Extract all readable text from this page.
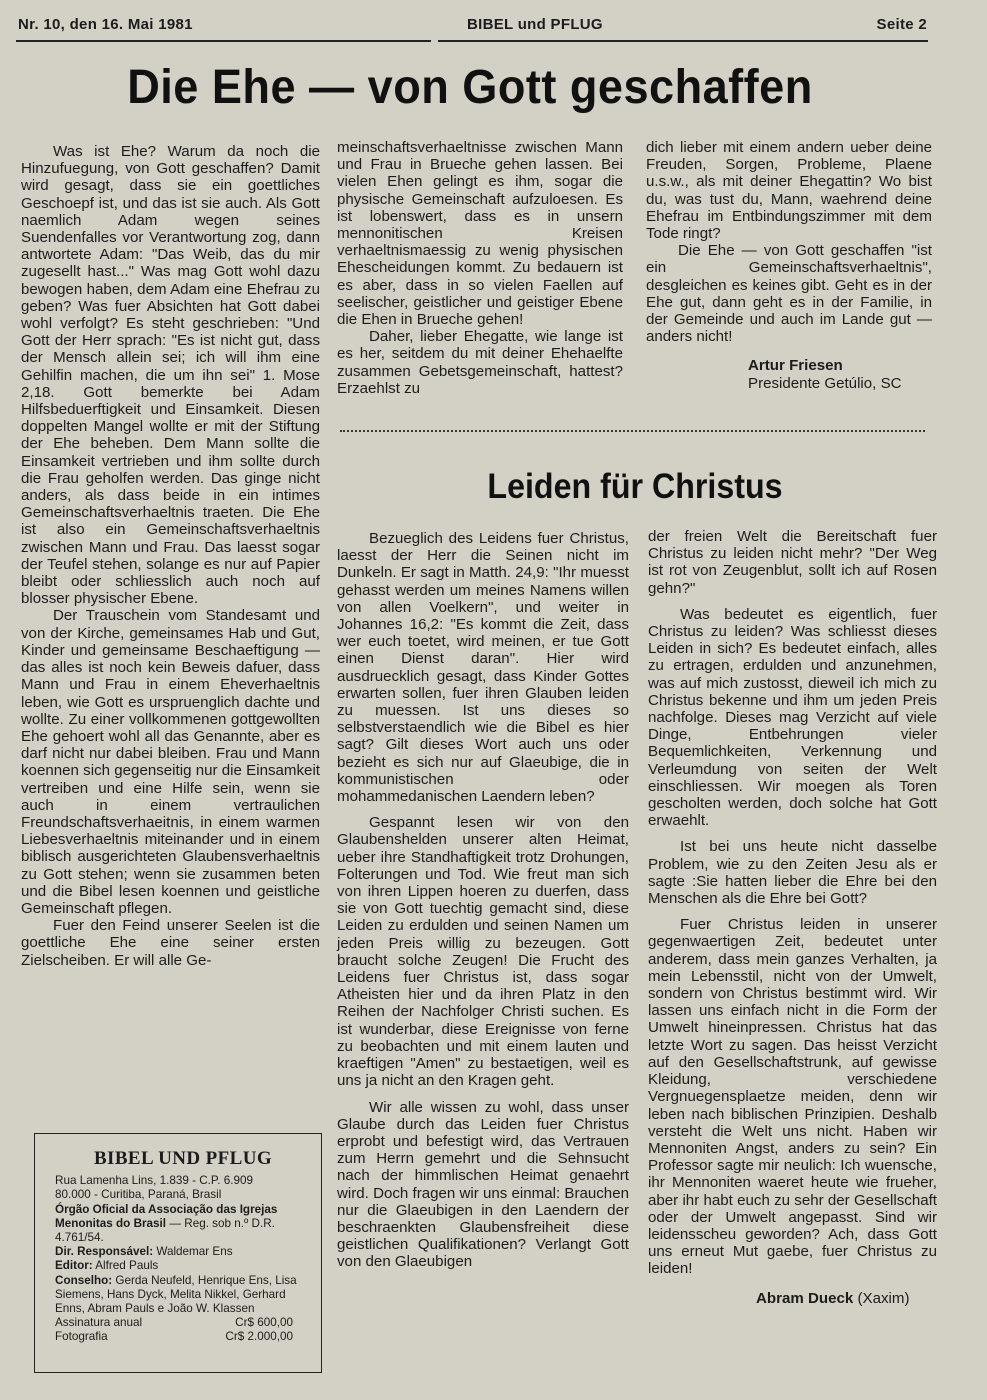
Nr. 10, den 16. Mai 1981	BIBEL und PFLUG	Seite 2
Die Ehe — von Gott geschaffen

Was ist Ehe? Warum da noch die Hinzufuegung, von Gott geschaffen? Damit wird gesagt, dass sie ein goettliches Geschoepf ist, und das ist sie auch. Als Gott naemlich Adam wegen seines Suendenfalles vor Verantwortung zog, dann antwortete Adam: "Das Weib, das du mir zugesellt hast..." Was mag Gott wohl dazu bewogen haben, dem Adam eine Ehefrau zu geben? Was fuer Absichten hat Gott dabei wohl verfolgt? Es steht geschrieben: "Und Gott der Herr sprach: "Es ist nicht gut, dass der Mensch allein sei; ich will ihm eine Gehilfin machen, die um ihn sei" 1. Mose 2,18. Gott bemerkte bei Adam Hilfsbeduerftigkeit und Einsamkeit. Diesen doppelten Mangel wollte er mit der Stiftung der Ehe beheben. Dem Mann sollte die Einsamkeit vertrieben und ihm sollte durch die Frau geholfen werden. Das ginge nicht anders, als dass beide in ein intimes Gemeinschaftsverhaeltnis traeten. Die Ehe ist also ein Gemeinschaftsverhaeltnis zwischen Mann und Frau. Das laesst sogar der Teufel stehen, solange es nur auf Papier bleibt oder schliesslich auch noch auf blosser physischer Ebene.

Der Trauschein vom Standesamt und von der Kirche, gemeinsames Hab und Gut, Kinder und gemeinsame Beschaeftigung — das alles ist noch kein Beweis dafuer, dass Mann und Frau in einem Eheverhaeltnis leben, wie Gott es urspruenglich dachte und wollte. Zu einer vollkommenen gottgewollten Ehe gehoert wohl all das Genannte, aber es darf nicht nur dabei bleiben. Frau und Mann koennen sich gegenseitig nur die Einsamkeit vertreiben und eine Hilfe sein, wenn sie auch in einem vertraulichen Freundschaftsverhaeitnis, in einem warmen Liebesverhaeltnis miteinander und in einem biblisch ausgerichteten Glaubensverhaeltnis zu Gott stehen; wenn sie zusammen beten und die Bibel lesen koennen und geistliche Gemeinschaft pflegen.

Fuer den Feind unserer Seelen ist die goettliche Ehe eine seiner ersten Zielscheiben. Er will alle Ge-

meinschaftsverhaeltnisse zwischen Mann und Frau in Brueche gehen lassen. Bei vielen Ehen gelingt es ihm, sogar die physische Gemeinschaft aufzuloesen. Es ist lobenswert, dass es in unsern mennonitischen Kreisen verhaeltnismaessig zu wenig physischen Ehescheidungen kommt. Zu bedauern ist es aber, dass in so vielen Faellen auf seelischer, geistlicher und geistiger Ebene die Ehen in Brueche gehen!

Daher, lieber Ehegatte, wie lange ist es her, seitdem du mit deiner Ehehaelfte zusammen Gebetsgemeinschaft, hattest? Erzaehlst zu

dich lieber mit einem andern ueber deine Freuden, Sorgen, Probleme, Plaene u.s.w., als mit deiner Ehegattin? Wo bist du, was tust du, Mann, waehrend deine Ehefrau im Entbindungszimmer mit dem Tode ringt?

Die Ehe — von Gott geschaffen "ist ein Gemeinschaftsverhaeltnis", desgleichen es keines gibt. Geht es in der Ehe gut, dann geht es in der Familie, in der Gemeinde und auch im Lande gut — anders nicht!

Artur Friesen
Presidente Getúlio, SC
Leiden für Christus

Bezueglich des Leidens fuer Christus, laesst der Herr die Seinen nicht im Dunkeln. Er sagt in Matth. 24,9: "Ihr muesst gehasst werden um meines Namens willen von allen Voelkern", und weiter in Johannes 16,2: "Es kommt die Zeit, dass wer euch toetet, wird meinen, er tue Gott einen Dienst daran". Hier wird ausdruecklich gesagt, dass Kinder Gottes erwarten sollen, fuer ihren Glauben leiden zu muessen. Ist uns dieses so selbstverstaendlich wie die Bibel es hier sagt? Gilt dieses Wort auch uns oder bezieht es sich nur auf Glaeubige, die in kommunistischen oder mohammedanischen Laendern leben?

Gespannt lesen wir von den Glaubenshelden unserer alten Heimat, ueber ihre Standhaftigkeit trotz Drohungen, Folterungen und Tod. Wie freut man sich von ihren Lippen hoeren zu duerfen, dass sie von Gott tuechtig gemacht sind, diese Leiden zu erdulden und seinen Namen um jeden Preis willig zu bezeugen. Gott braucht solche Zeugen! Die Frucht des Leidens fuer Christus ist, dass sogar Atheisten hier und da ihren Platz in den Reihen der Nachfolger Christi suchen. Es ist wunderbar, diese Ereignisse von ferne zu beobachten und mit einem lauten und kraeftigen "Amen" zu bestaetigen, weil es uns ja nicht an den Kragen geht.

Wir alle wissen zu wohl, dass unser Glaube durch das Leiden fuer Christus erprobt und befestigt wird, das Vertrauen zum Herrn gemehrt und die Sehnsucht nach der himmlischen Heimat genaehrt wird. Doch fragen wir uns einmal: Brauchen nur die Glaeubigen in den Laendern der beschraenkten Glaubensfreiheit diese geistlichen Qualifikationen? Verlangt Gott von den Glaeubigen

der freien Welt die Bereitschaft fuer Christus zu leiden nicht mehr? "Der Weg ist rot von Zeugenblut, sollt ich auf Rosen gehn?"

Was bedeutet es eigentlich, fuer Christus zu leiden? Was schliesst dieses Leiden in sich? Es bedeutet einfach, alles zu ertragen, erdulden und anzunehmen, was auf mich zustosst, dieweil ich mich zu Christus bekenne und ihm um jeden Preis nachfolge. Dieses mag Verzicht auf viele Dinge, Entbehrungen vieler Bequemlichkeiten, Verkennung und Verleumdung von seiten der Welt einschliessen. Wir moegen als Toren gescholten werden, doch solche hat Gott erwaehlt.

Ist bei uns heute nicht dasselbe Problem, wie zu den Zeiten Jesu als er sagte :Sie hatten lieber die Ehre bei den Menschen als die Ehre bei Gott?

Fuer Christus leiden in unserer gegenwaertigen Zeit, bedeutet unter anderem, dass mein ganzes Verhalten, ja mein Lebensstil, nicht von der Umwelt, sondern von Christus bestimmt wird. Wir lassen uns einfach nicht in die Form der Umwelt hineinpressen. Christus hat das letzte Wort zu sagen. Das heisst Verzicht auf den Gesellschaftstrunk, auf gewisse Kleidung, verschiedene Vergnuegensplaetze meiden, denn wir leben nach biblischen Prinzipien. Deshalb versteht die Welt uns nicht. Haben wir Mennoniten Angst, anders zu sein? Ein Professor sagte mir neulich: Ich wuensche, ihr Mennoniten waeret heute wie frueher, aber ihr habt euch zu sehr der Gesellschaft oder der Umwelt angepasst. Sind wir leidensscheu geworden? Ach, dass Gott uns erneut Mut gaebe, fuer Christus zu leiden!

Abram Dueck (Xaxim)
BIBEL UND PFLUG
Rua Lamenha Lins, 1.839 - C.P. 6.909
80.000 - Curitiba, Paraná, Brasil
Órgão Oficial da Associação das Igrejas Menonitas do Brasil — Reg. sob n.º D.R. 4.761/54.
Dir. Responsável: Waldemar Ens
Editor: Alfred Pauls
Conselho: Gerda Neufeld, Henrique Ens, Lisa Siemens, Hans Dyck, Melita Nikkel, Gerhard Enns, Abram Pauls e João W. Klassen
Assinatura anual	Cr$ 600,00
Fotografia	Cr$ 2.000,00
